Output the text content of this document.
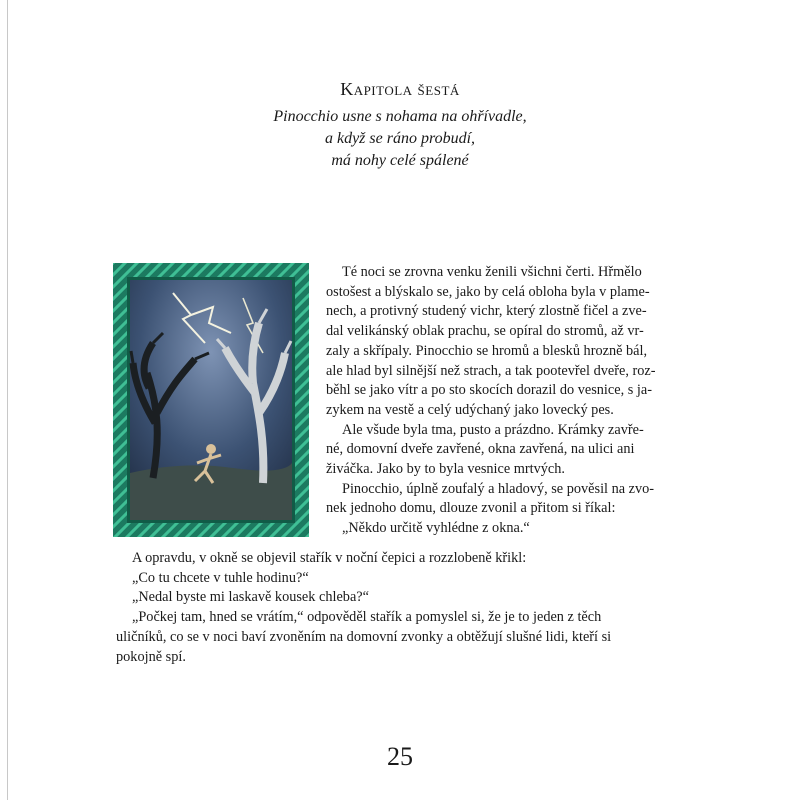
Kapitola šestá
Pinocchio usne s nohama na ohřívadle,
a když se ráno probudí,
má nohy celé spálené

Té noci se zrovna venku ženili všichni čerti. Hřmělo
ostošest a blýskalo se, jako by celá obloha byla v plame-
nech, a protivný studený vichr, který zlostně fičel a zve-
dal velikánský oblak prachu, se opíral do stromů, až vr-
zaly a skřípaly. Pinocchio se hromů a blesků hrozně bál,
ale hlad byl silnější než strach, a tak pootevřel dveře, roz-
běhl se jako vítr a po sto skocích dorazil do vesnice, s ja-
zykem na vestě a celý udýchaný jako lovecký pes.

Ale všude byla tma, pusto a prázdno. Krámky zavře-
né, domovní dveře zavřené, okna zavřená, na ulici ani
živáčka. Jako by to byla vesnice mrtvých.

Pinocchio, úplně zoufalý a hladový, se pověsil na zvo-
nek jednoho domu, dlouze zvonil a přitom si říkal:

„Někdo určitě vyhlédne z okna.“

A opravdu, v okně se objevil stařík v noční čepici a rozzlobeně křikl:

„Co tu chcete v tuhle hodinu?“

„Nedal byste mi laskavě kousek chleba?“

„Počkej tam, hned se vrátím,“ odpověděl stařík a pomyslel si, že je to jeden z těch
uličníků, co se v noci baví zvoněním na domovní zvonky a obtěžují slušné lidi, kteří si
pokojně spí.

25
